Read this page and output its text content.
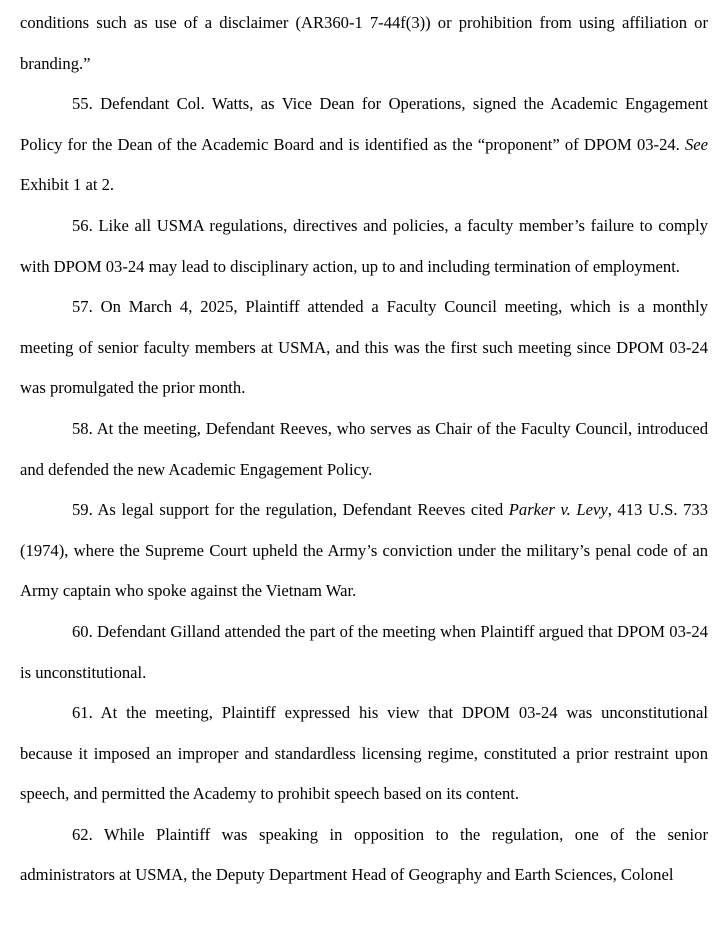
conditions such as use of a disclaimer (AR360-1 7-44f(3)) or prohibition from using affiliation or branding.”

55. Defendant Col. Watts, as Vice Dean for Operations, signed the Academic Engagement Policy for the Dean of the Academic Board and is identified as the “proponent” of DPOM 03-24. See Exhibit 1 at 2.

56. Like all USMA regulations, directives and policies, a faculty member’s failure to comply with DPOM 03-24 may lead to disciplinary action, up to and including termination of employment.

57. On March 4, 2025, Plaintiff attended a Faculty Council meeting, which is a monthly meeting of senior faculty members at USMA, and this was the first such meeting since DPOM 03-24 was promulgated the prior month.

58. At the meeting, Defendant Reeves, who serves as Chair of the Faculty Council, introduced and defended the new Academic Engagement Policy.

59. As legal support for the regulation, Defendant Reeves cited Parker v. Levy, 413 U.S. 733 (1974), where the Supreme Court upheld the Army’s conviction under the military’s penal code of an Army captain who spoke against the Vietnam War.

60. Defendant Gilland attended the part of the meeting when Plaintiff argued that DPOM 03-24 is unconstitutional.

61. At the meeting, Plaintiff expressed his view that DPOM 03-24 was unconstitutional because it imposed an improper and standardless licensing regime, constituted a prior restraint upon speech, and permitted the Academy to prohibit speech based on its content.

62. While Plaintiff was speaking in opposition to the regulation, one of the senior administrators at USMA, the Deputy Department Head of Geography and Earth Sciences, Colonel
